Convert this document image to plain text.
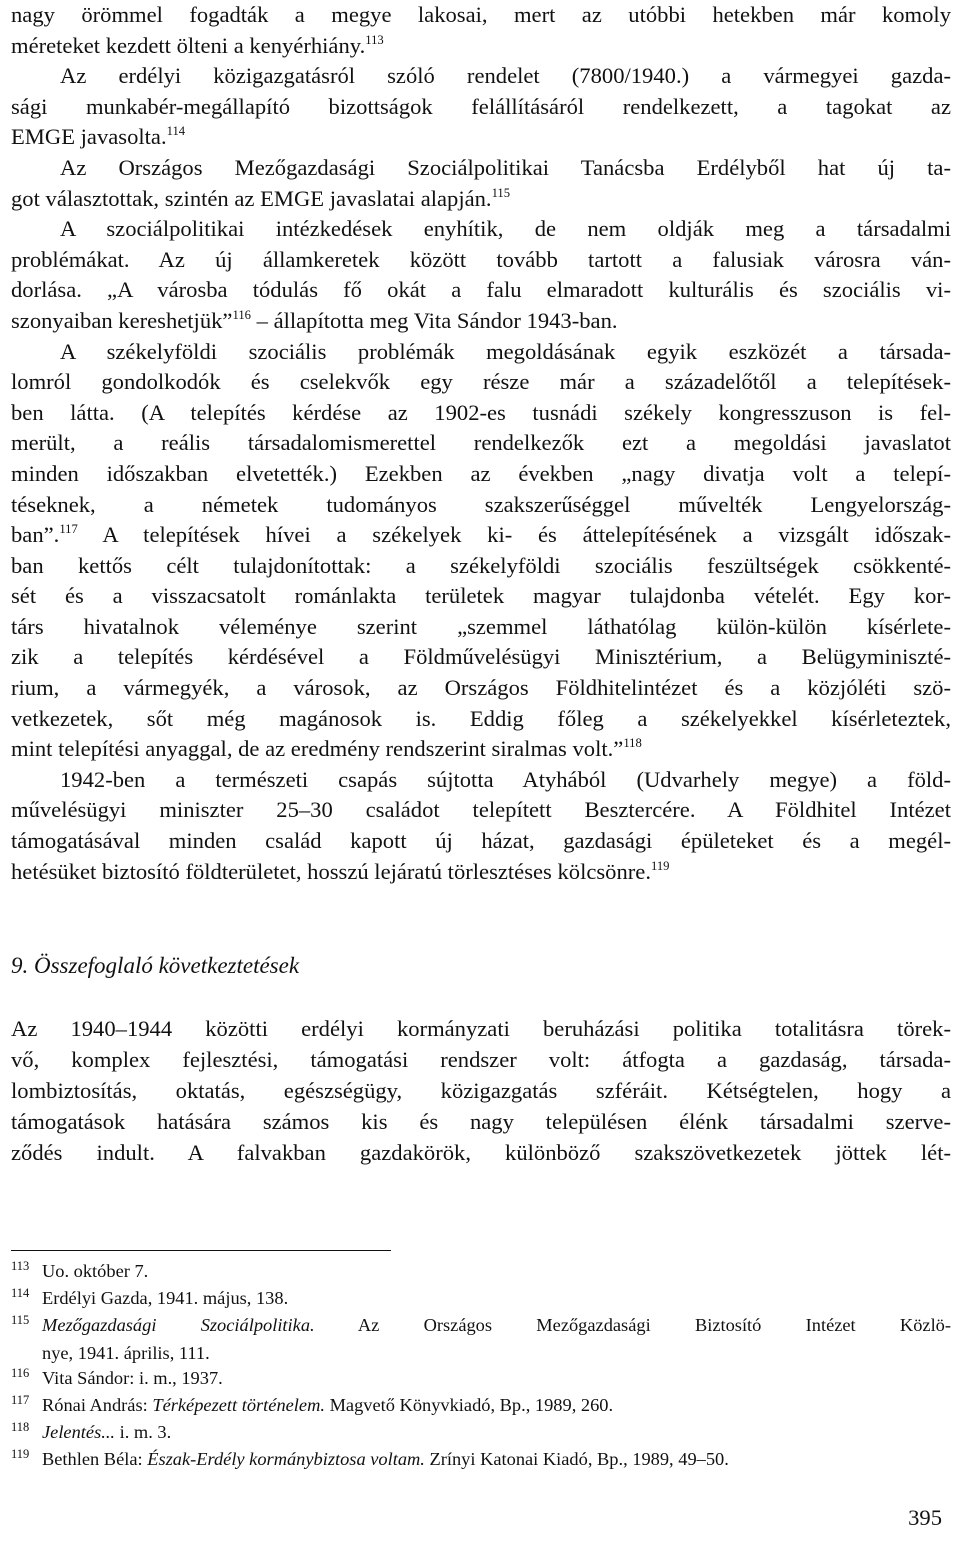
nagy örömmel fogadták a megye lakosai, mert az utóbbi hetekben már komoly
méreteket kezdett ölteni a kenyérhiány.$^{113}$
Az erdélyi közigazgatásról szóló rendelet (7800/1940.) a vármegyei gazda-
sági munkabér-megállapító bizottságok felállításáról rendelkezett, a tagokat az
EMGE javasolta.$^{114}$
Az Országos Mezőgazdasági Szociálpolitikai Tanácsba Erdélyből hat új ta-
got választottak, szintén az EMGE javaslatai alapján.$^{115}$
A szociálpolitikai intézkedések enyhítik, de nem oldják meg a társadalmi
problémákat. Az új államkeretek között tovább tartott a falusiak városra ván-
dorlása. „A városba tódulás fő okát a falu elmaradott kulturális és szociális vi-
szonyaiban kereshetjük”$^{116}$ – állapította meg Vita Sándor 1943-ban.
A székelyföldi szociális problémák megoldásának egyik eszközét a társada-
lomról gondolkodók és cselekvők egy része már a századelőtől a telepítések-
ben látta. (A telepítés kérdése az 1902-es tusnádi székely kongresszuson is fel-
merült, a reális társadalomismerettel rendelkezők ezt a megoldási javaslatot
minden időszakban elvetették.) Ezekben az években „nagy divatja volt a telepí-
téseknek, a németek tudományos szakszerűséggel művelték Lengyelország-
ban”.$^{117}$ A telepítések hívei a székelyek ki- és áttelepítésének a vizsgált időszak-
ban kettős célt tulajdonítottak: a székelyföldi szociális feszültségek csökkenté-
sét és a visszacsatolt románlakta területek magyar tulajdonba vételét. Egy kor-
társ hivatalnok véleménye szerint „szemmel láthatólag külön-külön kísérlete-
zik a telepítés kérdésével a Földművelésügyi Minisztérium, a Belügyminiszté-
rium, a vármegyék, a városok, az Országos Földhitelintézet és a közjóléti szö-
vetkezetek, sőt még magánosok is. Eddig főleg a székelyekkel kísérleteztek,
mint telepítési anyaggal, de az eredmény rendszerint siralmas volt.”$^{118}$
1942-ben a természeti csapás sújtotta Atyhából (Udvarhely megye) a föld-
művelésügyi miniszter 25–30 családot telepített Besztercére. A Földhitel Intézet
támogatásával minden család kapott új házat, gazdasági épületeket és a megél-
hetésüket biztosító földterületet, hosszú lejáratú törlesztéses kölcsönre.$^{119}$
9. Összefoglaló következtetések
Az 1940–1944 közötti erdélyi kormányzati beruházási politika totalitásra törek-
vő, komplex fejlesztési, támogatási rendszer volt: átfogta a gazdaság, társada-
lombiztosítás, oktatás, egészségügy, közigazgatás szféráit. Kétségtelen, hogy a
támogatások hatására számos kis és nagy településen élénk társadalmi szerve-
ződés indult. A falvakban gazdakörök, különböző szakszövetkezetek jöttek lét-
113 Uo. október 7.
114 Erdélyi Gazda, 1941. május, 138.
115 Mezőgazdasági Szociálpolitika. Az Országos Mezőgazdasági Biztosító Intézet Közlö-
nye, 1941. április, 111.
116 Vita Sándor: i. m., 1937.
117 Rónai András: Térképezett történelem. Magvető Könyvkiadó, Bp., 1989, 260.
118 Jelentés... i. m. 3.
119 Bethlen Béla: Észak-Erdély kormánybiztosa voltam. Zrínyi Katonai Kiadó, Bp., 1989, 49–50.
395
